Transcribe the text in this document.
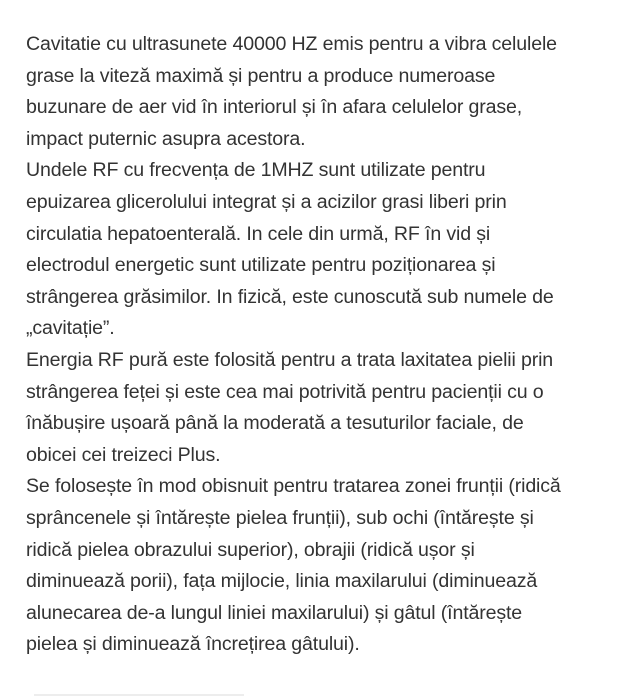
Cavitatie cu ultrasunete 40000 HZ emis pentru a vibra celulele
grase la viteză maximă și pentru a produce numeroase
buzunare de aer vid în interiorul și în afara celulelor grase,
impact puternic asupra acestora.

Undele RF cu frecvența de 1MHZ sunt utilizate pentru
epuizarea glicerolului integrat și a acizilor grasi liberi prin
circulatia hepatoenterală. In cele din urmă, RF în vid și
electrodul energetic sunt utilizate pentru poziționarea și
strângerea grăsimilor. In fizică, este cunoscută sub numele de
„cavitație”.

Energia RF pură este folosită pentru a trata laxitatea pielii prin
strângerea feței și este cea mai potrivită pentru pacienții cu o
înăbușire ușoară până la moderată a tesuturilor faciale, de
obicei cei treizeci Plus.

Se folosește în mod obisnuit pentru tratarea zonei frunții (ridică
sprâncenele și întărește pielea frunții), sub ochi (întărește și
ridică pielea obrazului superior), obrajii (ridică ușor și
diminuează porii), fața mijlocie, linia maxilarului (diminuează
alunecarea de-a lungul liniei maxilarului) și gâtul (întărește
pielea și diminuează încrețirea gâtului).
